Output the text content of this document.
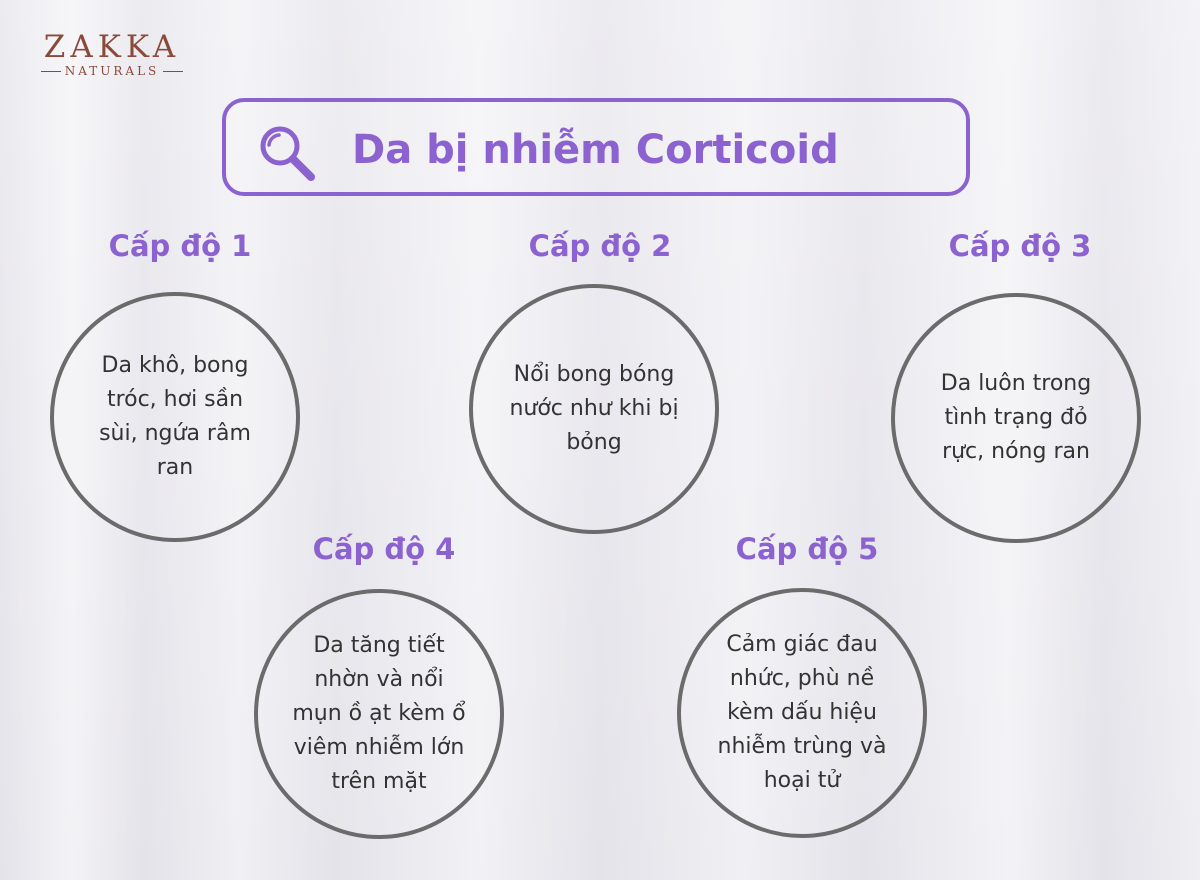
ZAKKA
NATURALS
Da bị nhiễm Corticoid
Cấp độ 1
Da khô, bong tróc, hơi sần sùi, ngứa râm ran
Cấp độ 2
Nổi bong bóng nước như khi bị bỏng
Cấp độ 3
Da luôn trong tình trạng đỏ rực, nóng ran
Cấp độ 4
Da tăng tiết nhờn và nổi mụn ồ ạt kèm ổ viêm nhiễm lớn trên mặt
Cấp độ 5
Cảm giác đau nhức, phù nề kèm dấu hiệu nhiễm trùng và hoại tử
